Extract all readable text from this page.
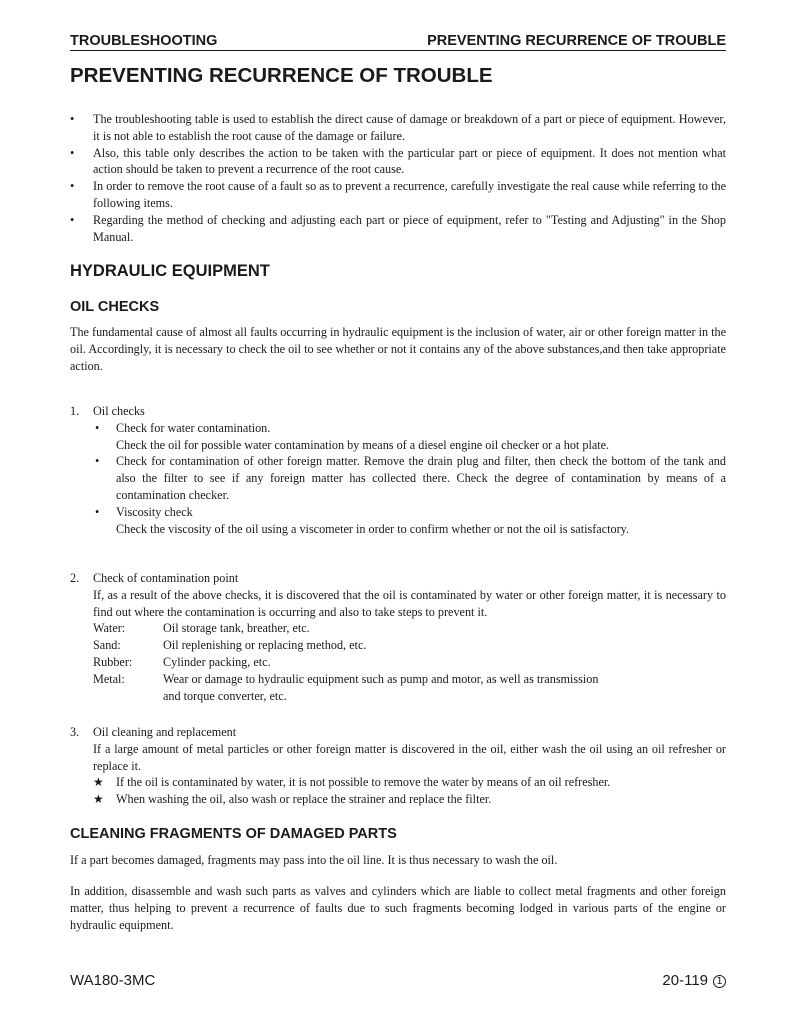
TROUBLESHOOTING	PREVENTING RECURRENCE OF TROUBLE
PREVENTING RECURRENCE OF TROUBLE
• The troubleshooting table is used to establish the direct cause of damage or breakdown of a part or piece of equipment. However, it is not able to establish the root cause of the damage or failure.
• Also, this table only describes the action to be taken with the particular part or piece of equipment. It does not mention what action should be taken to prevent a recurrence of the root cause.
• In order to remove the root cause of a fault so as to prevent a recurrence, carefully investigate the real cause while referring to the following items.
• Regarding the method of checking and adjusting each part or piece of equipment, refer to "Testing and Adjusting" in the Shop Manual.
HYDRAULIC EQUIPMENT
OIL CHECKS
The fundamental cause of almost all faults occurring in hydraulic equipment is the inclusion of water, air or other foreign matter in the oil. Accordingly, it is necessary to check the oil to see whether or not it contains any of the above substances,and then take appropriate action.
1. Oil checks
• Check for water contamination.
Check the oil for possible water contamination by means of a diesel engine oil checker or a hot plate.
• Check for contamination of other foreign matter. Remove the drain plug and filter, then check the bottom of the tank and also the filter to see if any foreign matter has collected there. Check the degree of contamination by means of a contamination checker.
• Viscosity check
Check the viscosity of the oil using a viscometer in order to confirm whether or not the oil is satisfactory.
2. Check of contamination point
If, as a result of the above checks, it is discovered that the oil is contaminated by water or other foreign matter, it is necessary to find out where the contamination is occurring and also to take steps to prevent it.
Water:	Oil storage tank, breather, etc.
Sand:	Oil replenishing or replacing method, etc.
Rubber:	Cylinder packing, etc.
Metal:	Wear or damage to hydraulic equipment such as pump and motor, as well as transmission
and torque converter, etc.
3. Oil cleaning and replacement
If a large amount of metal particles or other foreign matter is discovered in the oil, either wash the oil using an oil refresher or replace it.
★ If the oil is contaminated by water, it is not possible to remove the water by means of an oil refresher.
★ When washing the oil, also wash or replace the strainer and replace the filter.
CLEANING FRAGMENTS OF DAMAGED PARTS
If a part becomes damaged, fragments may pass into the oil line. It is thus necessary to wash the oil.
In addition, disassemble and wash such parts as valves and cylinders which are liable to collect metal fragments and other foreign matter, thus helping to prevent a recurrence of faults due to such fragments becoming lodged in various parts of the engine or hydraulic equipment.
WA180-3MC	20-119 1
